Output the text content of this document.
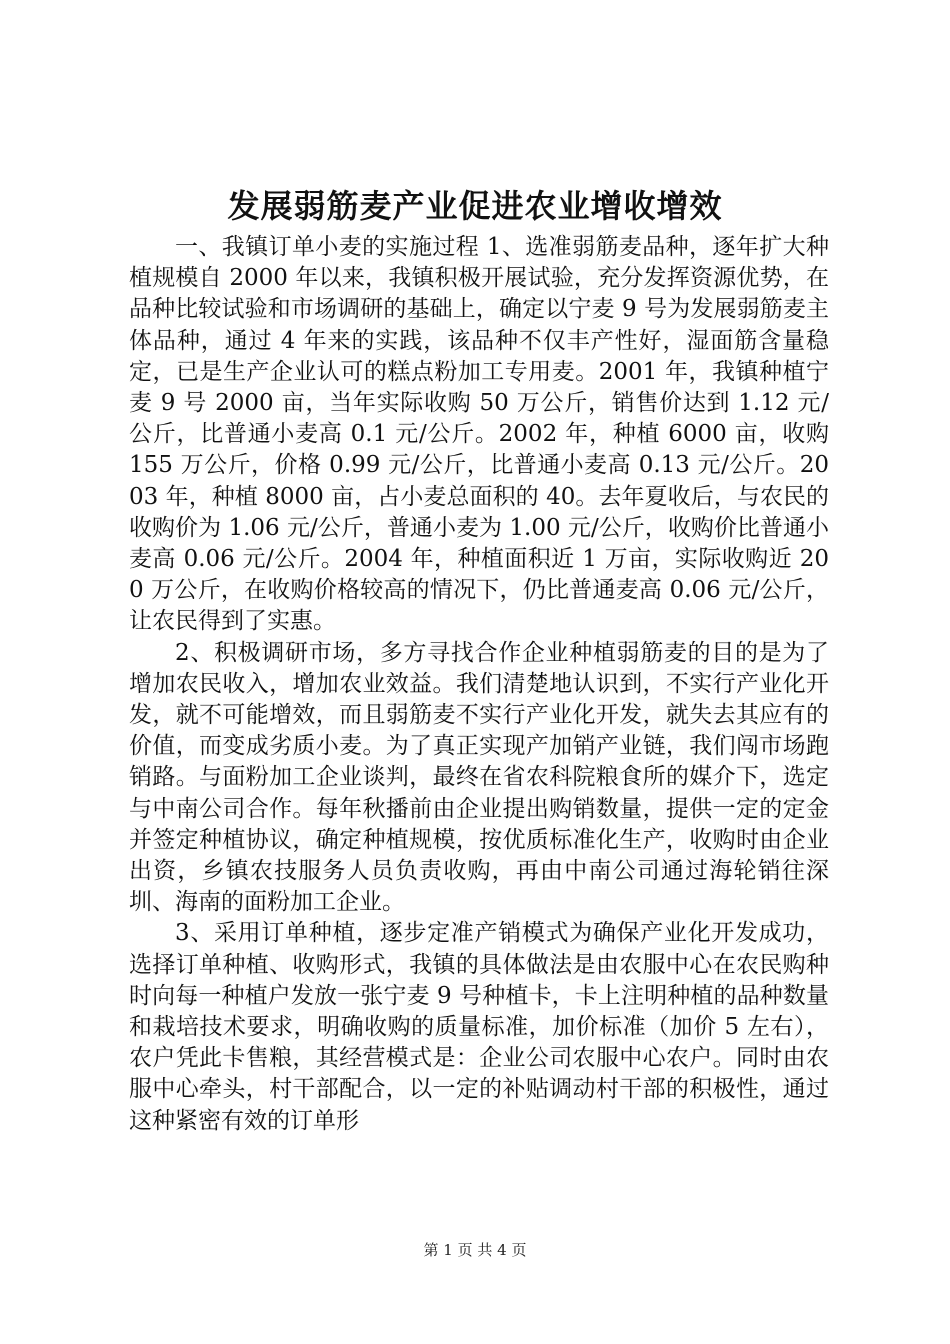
发展弱筋麦产业促进农业增收增效

一、我镇订单小麦的实施过程 1、选准弱筋麦品种，逐年扩大种植规模自 2000 年以来，我镇积极开展试验，充分发挥资源优势，在品种比较试验和市场调研的基础上，确定以宁麦 9 号为发展弱筋麦主体品种，通过 4 年来的实践，该品种不仅丰产性好，湿面筋含量稳定，已是生产企业认可的糕点粉加工专用麦。2001 年，我镇种植宁麦 9 号 2000 亩，当年实际收购 50 万公斤，销售价达到 1.12 元/公斤，比普通小麦高 0.1 元/公斤。2002 年，种植 6000 亩，收购 155 万公斤，价格 0.99 元/公斤，比普通小麦高 0.13 元/公斤。2003 年，种植 8000 亩，占小麦总面积的 40。去年夏收后，与农民的收购价为 1.06 元/公斤，普通小麦为 1.00 元/公斤，收购价比普通小麦高 0.06 元/公斤。2004 年，种植面积近 1 万亩，实际收购近 200 万公斤，在收购价格较高的情况下，仍比普通麦高 0.06 元/公斤，让农民得到了实惠。

2、积极调研市场，多方寻找合作企业种植弱筋麦的目的是为了增加农民收入，增加农业效益。我们清楚地认识到，不实行产业化开发，就不可能增效，而且弱筋麦不实行产业化开发，就失去其应有的价值，而变成劣质小麦。为了真正实现产加销产业链，我们闯市场跑销路。与面粉加工企业谈判，最终在省农科院粮食所的媒介下，选定与中南公司合作。每年秋播前由企业提出购销数量，提供一定的定金并签定种植协议，确定种植规模，按优质标准化生产，收购时由企业出资，乡镇农技服务人员负责收购，再由中南公司通过海轮销往深圳、海南的面粉加工企业。

3、采用订单种植，逐步定准产销模式为确保产业化开发成功，选择订单种植、收购形式，我镇的具体做法是由农服中心在农民购种时向每一种植户发放一张宁麦 9 号种植卡，卡上注明种植的品种数量和栽培技术要求，明确收购的质量标准，加价标准（加价 5 左右），农户凭此卡售粮，其经营模式是：企业公司农服中心农户。同时由农服中心牵头，村干部配合，以一定的补贴调动村干部的积极性，通过这种紧密有效的订单形

第 1 页 共 4 页
